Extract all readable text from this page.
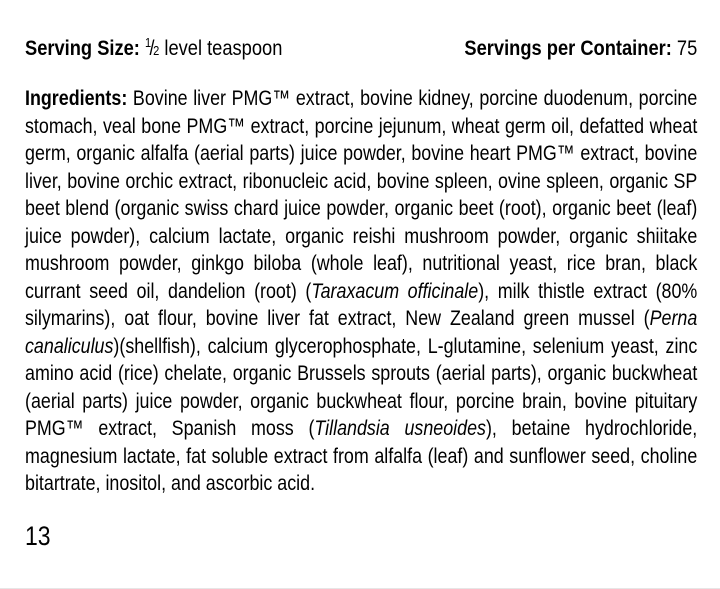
Serving Size: $^1$/2 level teaspoon	Servings per Container: 75

Ingredients: Bovine liver PMG™ extract, bovine kidney, porcine duodenum, porcine stomach, veal bone PMG™ extract, porcine jejunum, wheat germ oil, defatted wheat germ, organic alfalfa (aerial parts) juice powder, bovine heart PMG™ extract, bovine liver, bovine orchic extract, ribonucleic acid, bovine spleen, ovine spleen, organic SP beet blend (organic swiss chard juice powder, organic beet (root), organic beet (leaf) juice powder), calcium lactate, organic reishi mushroom powder, organic shiitake mushroom powder, ginkgo biloba (whole leaf), nutritional yeast, rice bran, black currant seed oil, dandelion (root) (Taraxacum officinale), milk thistle extract (80% silymarins), oat flour, bovine liver fat extract, New Zealand green mussel (Perna canaliculus)(shellfish), calcium glycerophosphate, L-glutamine, selenium yeast, zinc amino acid (rice) chelate, organic Brussels sprouts (aerial parts), organic buckwheat (aerial parts) juice powder, organic buckwheat flour, porcine brain, bovine pituitary PMG™ extract, Spanish moss (Tillandsia usneoides), betaine hydrochloride, magnesium lactate, fat soluble extract from alfalfa (leaf) and sunflower seed, choline bitartrate, inositol, and ascorbic acid.

13
